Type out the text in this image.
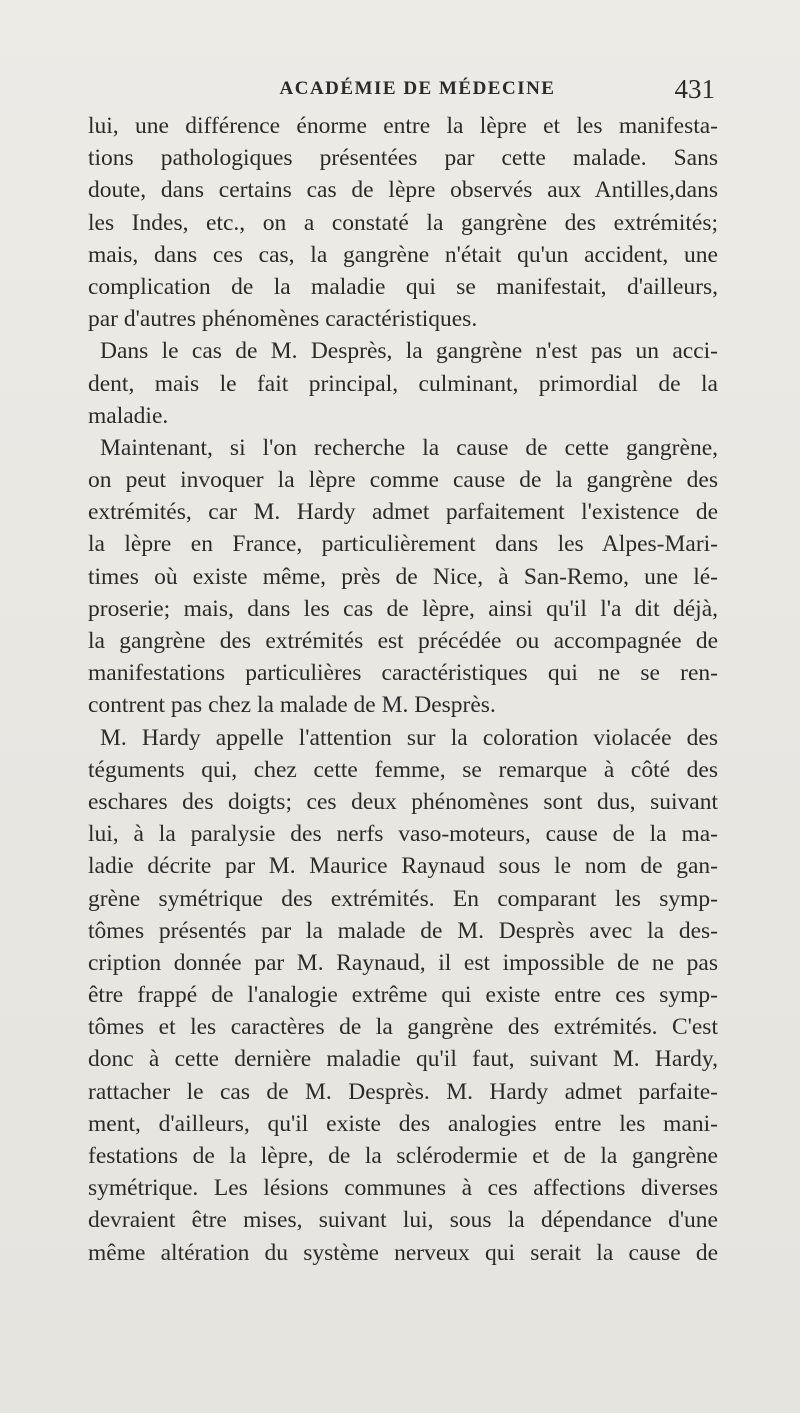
ACADÉMIE DE MÉDECINE	431
lui, une différence énorme entre la lèpre et les manifesta-
tions pathologiques présentées par cette malade. Sans
doute, dans certains cas de lèpre observés aux Antilles,dans
les Indes, etc., on a constaté la gangrène des extrémités;
mais, dans ces cas, la gangrène n'était qu'un accident, une
complication de la maladie qui se manifestait, d'ailleurs,
par d'autres phénomènes caractéristiques.
Dans le cas de M. Desprès, la gangrène n'est pas un acci-
dent, mais le fait principal, culminant, primordial de la
maladie.
Maintenant, si l'on recherche la cause de cette gangrène,
on peut invoquer la lèpre comme cause de la gangrène des
extrémités, car M. Hardy admet parfaitement l'existence de
la lèpre en France, particulièrement dans les Alpes-Mari-
times où existe même, près de Nice, à San-Remo, une lé-
proserie; mais, dans les cas de lèpre, ainsi qu'il l'a dit déjà,
la gangrène des extrémités est précédée ou accompagnée de
manifestations particulières caractéristiques qui ne se ren-
contrent pas chez la malade de M. Desprès.
M. Hardy appelle l'attention sur la coloration violacée des
téguments qui, chez cette femme, se remarque à côté des
eschares des doigts; ces deux phénomènes sont dus, suivant
lui, à la paralysie des nerfs vaso-moteurs, cause de la ma-
ladie décrite par M. Maurice Raynaud sous le nom de gan-
grène symétrique des extrémités. En comparant les symp-
tômes présentés par la malade de M. Desprès avec la des-
cription donnée par M. Raynaud, il est impossible de ne pas
être frappé de l'analogie extrême qui existe entre ces symp-
tômes et les caractères de la gangrène des extrémités. C'est
donc à cette dernière maladie qu'il faut, suivant M. Hardy,
rattacher le cas de M. Desprès. M. Hardy admet parfaite-
ment, d'ailleurs, qu'il existe des analogies entre les mani-
festations de la lèpre, de la sclérodermie et de la gangrène
symétrique. Les lésions communes à ces affections diverses
devraient être mises, suivant lui, sous la dépendance d'une
même altération du système nerveux qui serait la cause de
